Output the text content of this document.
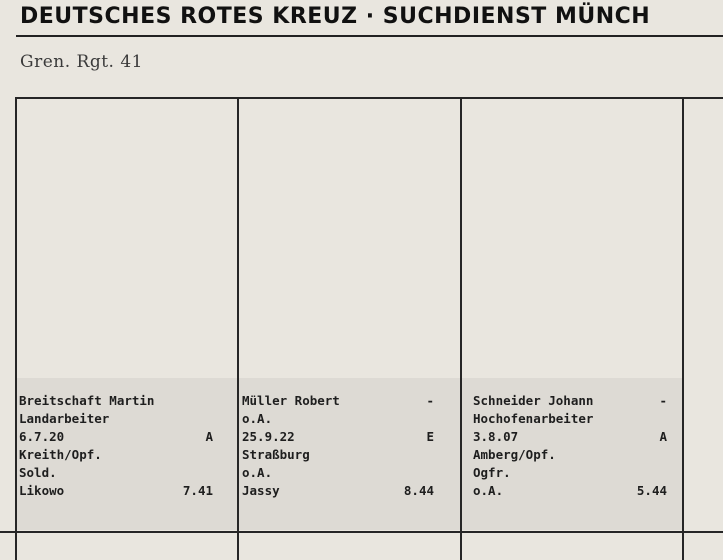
DEUTSCHES ROTES KREUZ · SUCHDIENST MÜNCH
Gren. Rgt. 41
Breitschaft Martin
Landarbeiter
6.7.20	A
Kreith/Opf.
Sold.
Likowo	7.41
Müller Robert	-
o.A.
25.9.22	E
Straßburg
o.A.
Jassy	8.44
Schneider Johann	-
Hochofenarbeiter
3.8.07	A
Amberg/Opf.
Ogfr.
o.A.	5.44
